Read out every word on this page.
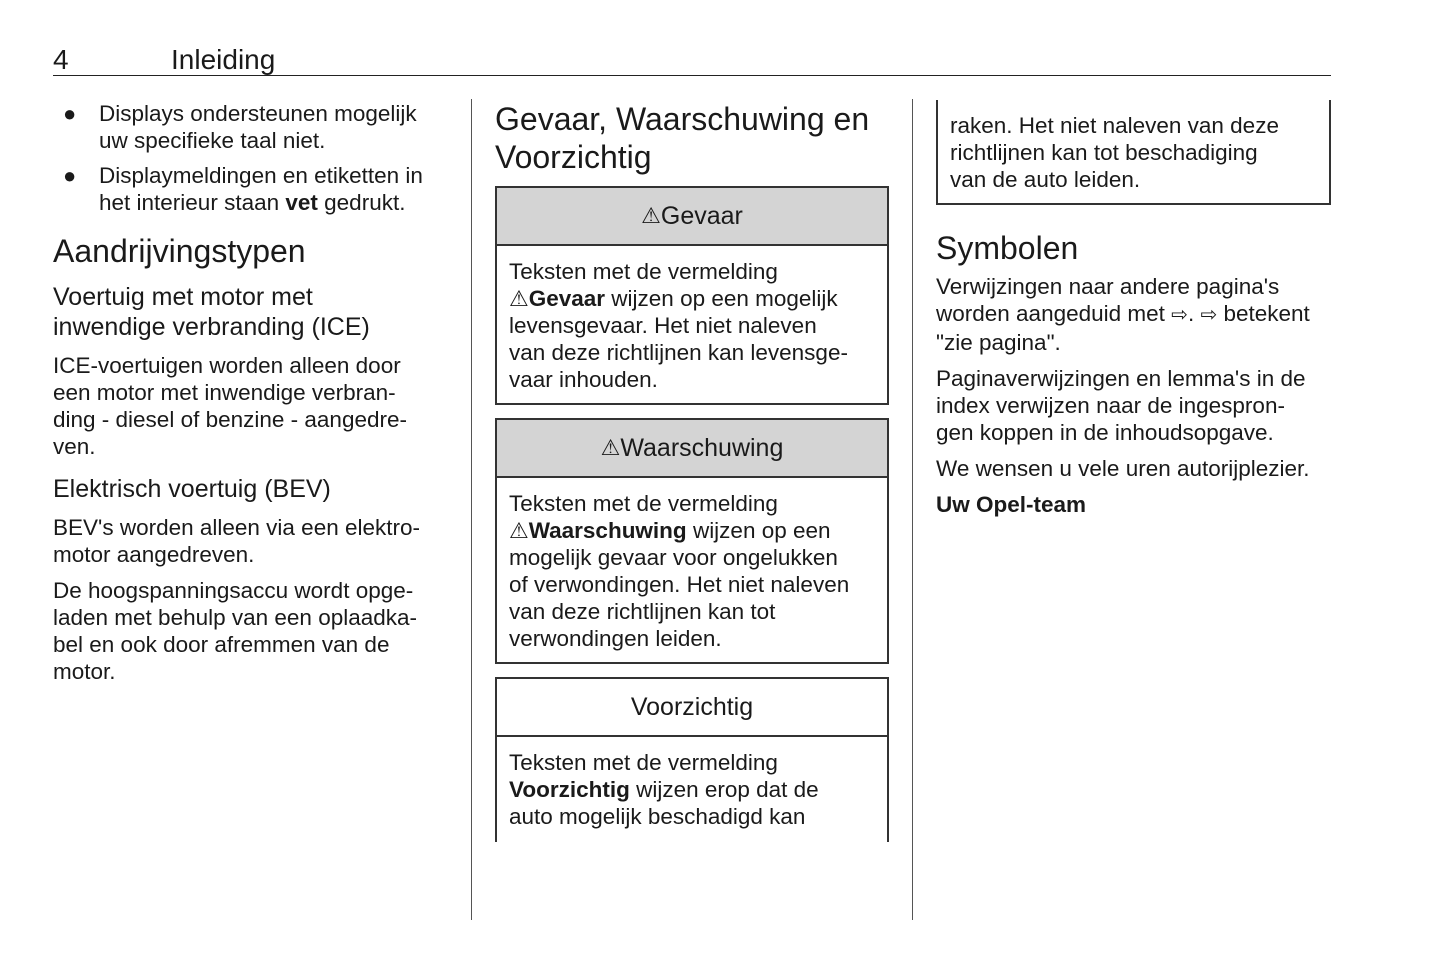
4	Inleiding
● Displays ondersteunen mogelijk uw specifieke taal niet.
● Displaymeldingen en etiketten in het interieur staan vet gedrukt.
Aandrijvingstypen
Voertuig met motor met
inwendige verbranding (ICE)

ICE-voertuigen worden alleen door
een motor met inwendige verbran-
ding - diesel of benzine - aangedre-
ven.

Elektrisch voertuig (BEV)

BEV's worden alleen via een elektro-
motor aangedreven.

De hoogspanningsaccu wordt opge-
laden met behulp van een oplaadka-
bel en ook door afremmen van de
motor.

Gevaar, Waarschuwing en
Voorzichtig
⚠ Gevaar

Teksten met de vermelding
⚠Gevaar wijzen op een mogelijk
levensgevaar. Het niet naleven
van deze richtlijnen kan levensge-
vaar inhouden.

⚠ Waarschuwing

Teksten met de vermelding
⚠Waarschuwing wijzen op een
mogelijk gevaar voor ongelukken
of verwondingen. Het niet naleven
van deze richtlijnen kan tot
verwondingen leiden.

Voorzichtig

Teksten met de vermelding
Voorzichtig wijzen erop dat de
auto mogelijk beschadigd kan

raken. Het niet naleven van deze
richtlijnen kan tot beschadiging
van de auto leiden.

Symbolen

Verwijzingen naar andere pagina's
worden aangeduid met ⇨. ⇨ betekent
"zie pagina".

Paginaverwijzingen en lemma's in de
index verwijzen naar de ingespron-
gen koppen in de inhoudsopgave.

We wensen u vele uren autorijplezier.

Uw Opel-team
